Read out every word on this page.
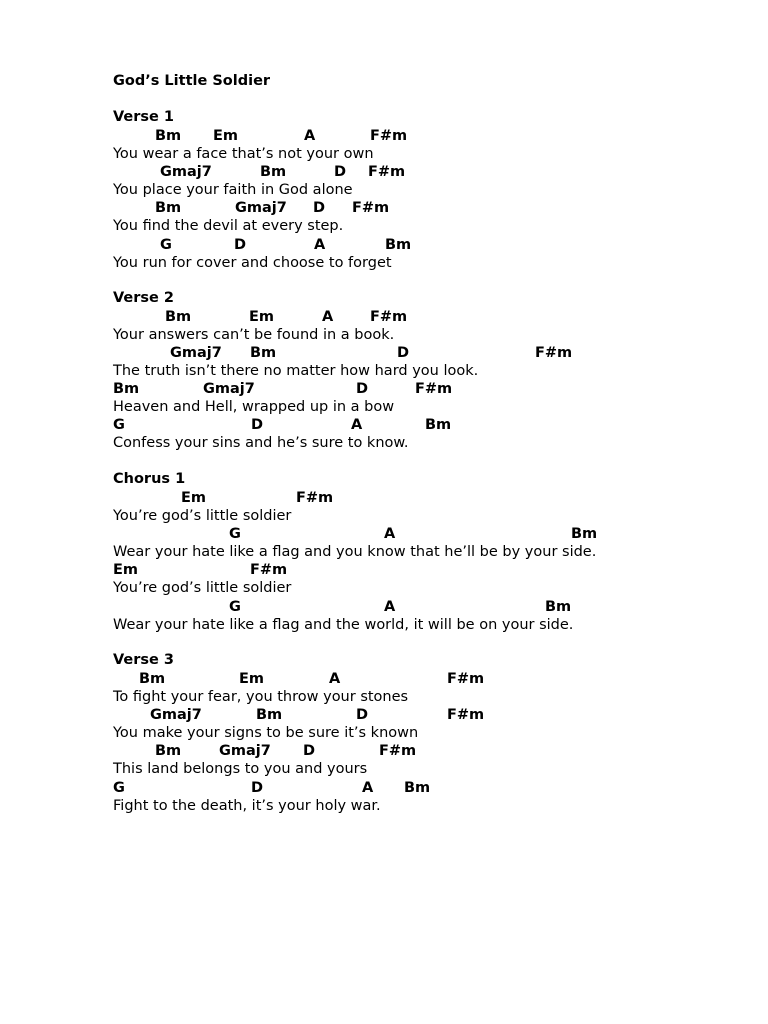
God’s Little Soldier
Verse 1
Bm Em	A	F#m
You wear a face that’s not your own
Gmaj7	Bm	D F#m
You place your faith in God alone
Bm	Gmaj7 D F#m
You find the devil at every step.
G	D	A	Bm
You run for cover and choose to forget
Verse 2
Bm	Em	A	F#m
Your answers can’t be found in a book.
Gmaj7 Bm	D	F#m
The truth isn’t there no matter how hard you look.
Bm	Gmaj7	D	F#m
Heaven and Hell, wrapped up in a bow
G	D	A	Bm
Confess your sins and he’s sure to know.
Chorus 1
Em	F#m
You’re god’s little soldier
G	A	Bm
Wear your hate like a flag and you know that he’ll be by your side.
Em	F#m
You’re god’s little soldier
G	A	Bm
Wear your hate like a flag and the world, it will be on your side.
Verse 3
Bm	Em	A	F#m
To fight your fear, you throw your stones
Gmaj7	Bm	D	F#m
You make your signs to be sure it’s known
Bm	Gmaj7 D	F#m
This land belongs to you and yours
G	D	A Bm
Fight to the death, it’s your holy war.
